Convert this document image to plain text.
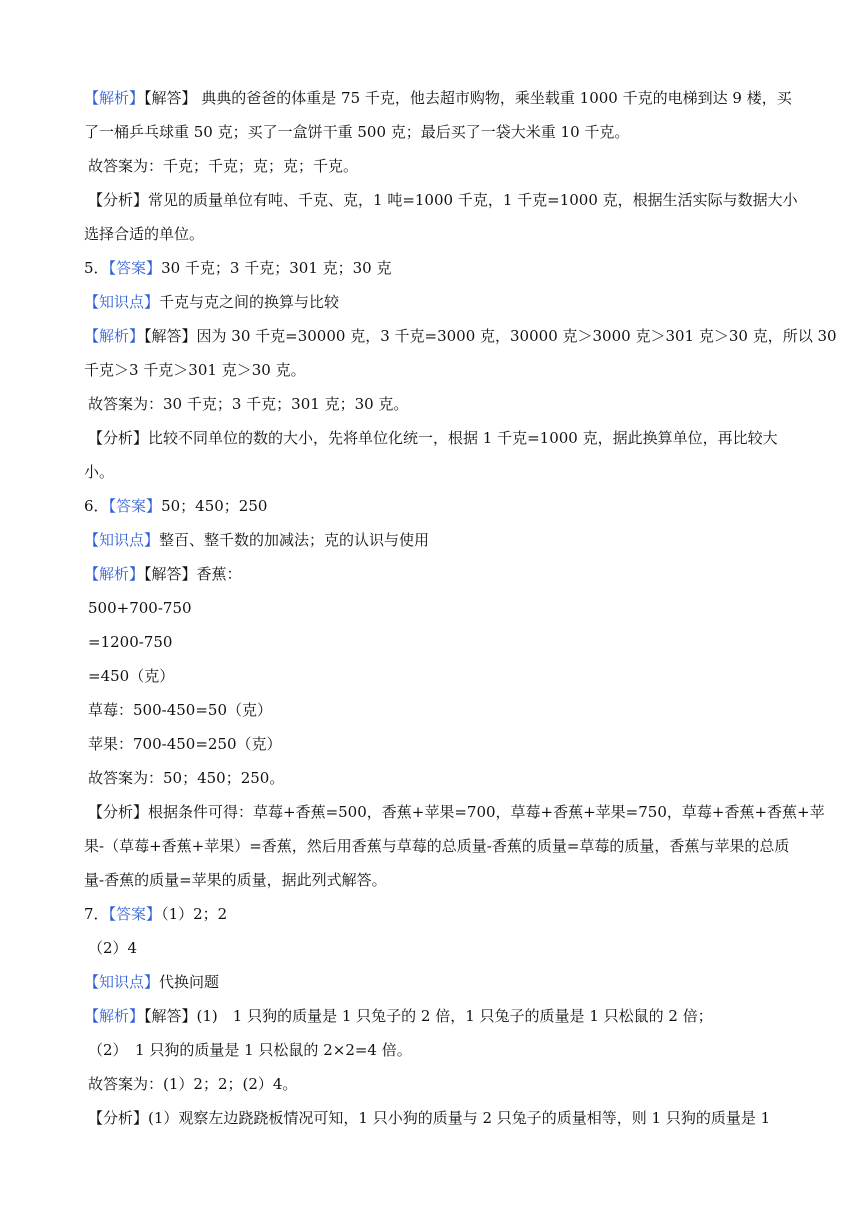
【解析】【解答】 典典的爸爸的体重是 75 千克，他去超市购物，乘坐载重 1000 千克的电梯到达 9 楼，买
了一桶乒乓球重 50 克；买了一盒饼干重 500 克；最后买了一袋大米重 10 千克。
故答案为：千克；千克；克；克；千克。
【分析】常见的质量单位有吨、千克、克，1 吨=1000 千克，1 千克=1000 克，根据生活实际与数据大小
选择合适的单位。
5．【答案】30 千克；3 千克；301 克；30 克
【知识点】千克与克之间的换算与比较
【解析】【解答】因为 30 千克=30000 克，3 千克=3000 克，30000 克＞3000 克＞301 克＞30 克，所以 30
千克＞3 千克＞301 克＞30 克。
故答案为：30 千克；3 千克；301 克；30 克。
【分析】比较不同单位的数的大小，先将单位化统一，根据 1 千克=1000 克，据此换算单位，再比较大
小。
6．【答案】50；450；250
【知识点】整百、整千数的加减法；克的认识与使用
【解析】【解答】香蕉：
500+700-750
=1200-750
=450（克）
草莓：500-450=50（克）
苹果：700-450=250（克）
故答案为：50；450；250。
【分析】根据条件可得：草莓+香蕉=500，香蕉+苹果=700，草莓+香蕉+苹果=750，草莓+香蕉+香蕉+苹
果-（草莓+香蕉+苹果）=香蕉，然后用香蕉与草莓的总质量-香蕉的质量=草莓的质量，香蕉与苹果的总质
量-香蕉的质量=苹果的质量，据此列式解答。
7．【答案】（1）2；2
（2）4
【知识点】代换问题
【解析】【解答】(1)　1 只狗的质量是 1 只兔子的 2 倍，1 只兔子的质量是 1 只松鼠的 2 倍；
（2）　1 只狗的质量是 1 只松鼠的 2×2=4 倍。
故答案为：(1）2；2；(2）4。
【分析】(1）观察左边跷跷板情况可知，1 只小狗的质量与 2 只兔子的质量相等，则 1 只狗的质量是 1
